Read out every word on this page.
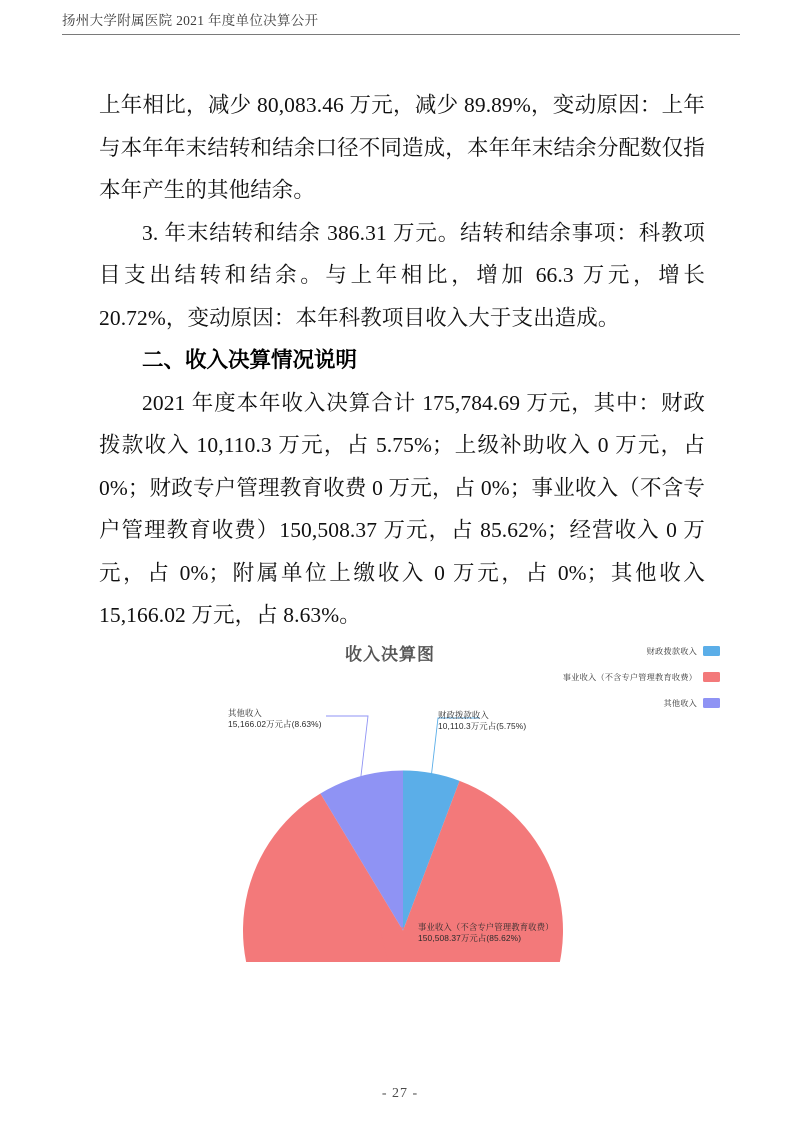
扬州大学附属医院 2021 年度单位决算公开

上年相比，减少 80,083.46 万元，减少 89.89%，变动原因：上年与本年年末结转和结余口径不同造成，本年年末结余分配数仅指本年产生的其他结余。

3. 年末结转和结余 386.31 万元。结转和结余事项：科教项目支出结转和结余。与上年相比，增加 66.3 万元，增长 20.72%，变动原因：本年科教项目收入大于支出造成。

二、收入决算情况说明

2021 年度本年收入决算合计 175,784.69 万元，其中：财政拨款收入 10,110.3 万元，占 5.75%；上级补助收入 0 万元，占 0%；财政专户管理教育收费 0 万元，占 0%；事业收入（不含专户管理教育收费）150,508.37 万元，占 85.62%；经营收入 0 万元，占 0%；附属单位上缴收入 0 万元，占 0%；其他收入 15,166.02 万元，占 8.63%。

收入决算图	财政拨款收入
事业收入（不含专户管理教育收费）
其他收入
其他收入
15,166.02万元占(8.63%)
财政拨款收入
10,110.3万元占(5.75%)
事业收入（不含专户管理教育收费）
150,508.37万元占(85.62%)
- 27 -
